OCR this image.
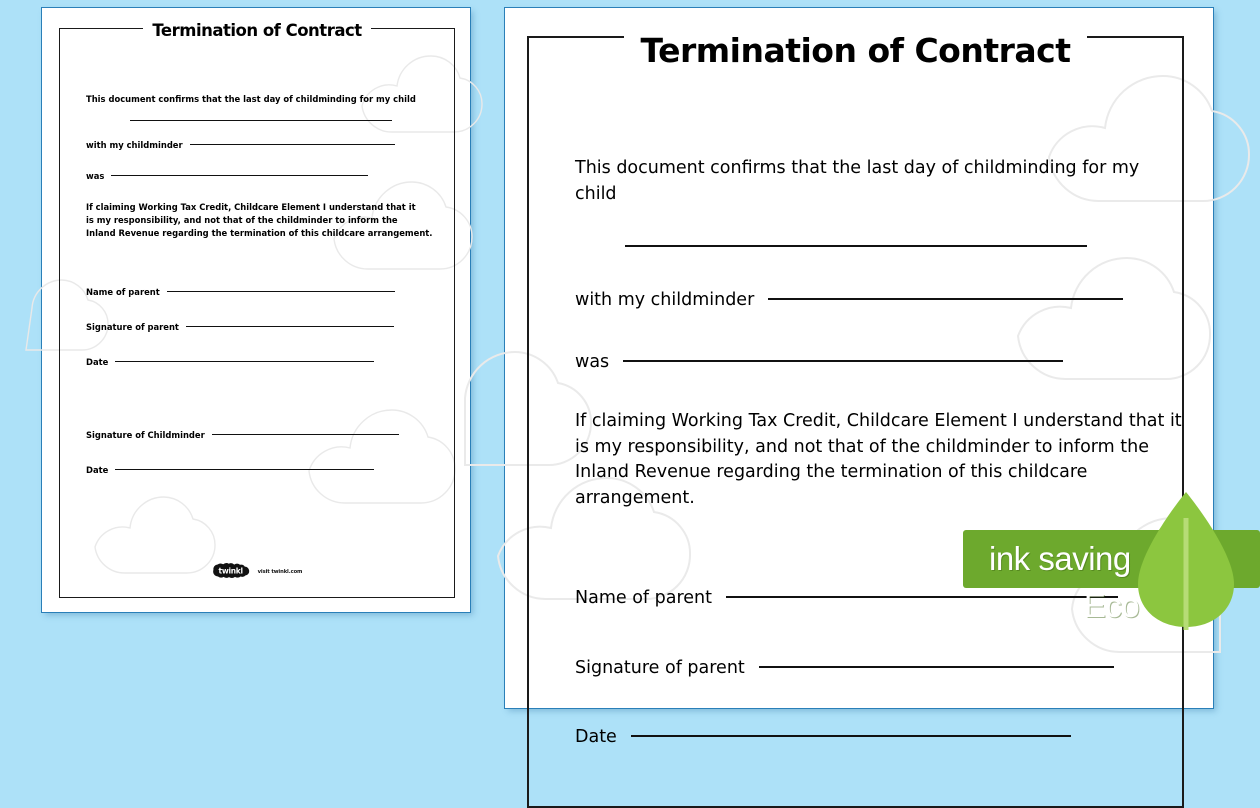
Termination of Contract
This document confirms that the last day of childminding for my child
with my childminder
was
If claiming Working Tax Credit, Childcare Element I understand that it
is my responsibility, and not that of the childminder to inform the
Inland Revenue regarding the termination of this childcare arrangement.
Name of parent
Signature of parent
Date
Signature of Childminder
Date
twinkl	visit twinkl.com
Termination of Contract
This document confirms that the last day of childminding for my child
with my childminder
was
If claiming Working Tax Credit, Childcare Element I understand that it
is my responsibility, and not that of the childminder to inform the
Inland Revenue regarding the termination of this childcare arrangement.
Name of parent
Signature of parent
Date
ink saving
Eco
